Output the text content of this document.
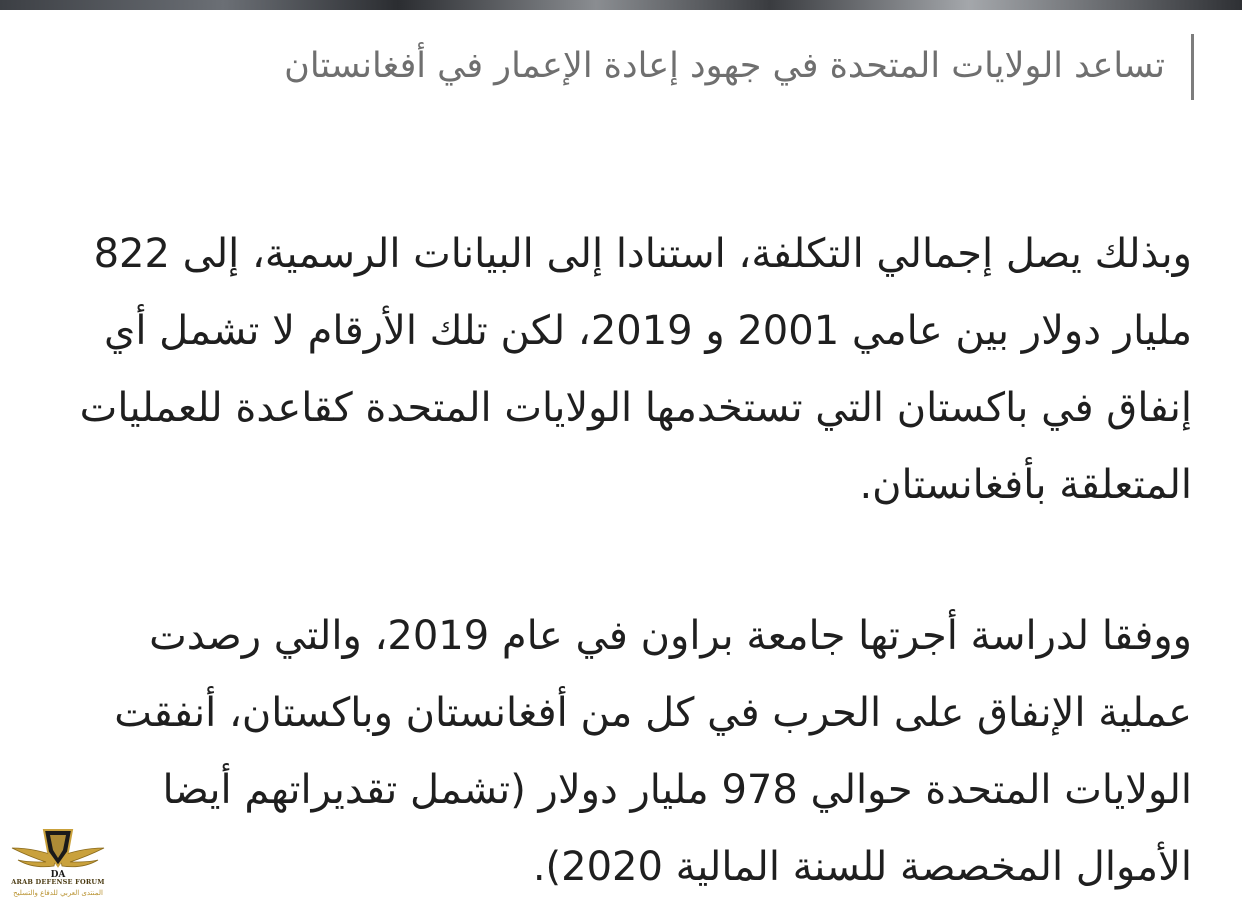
تساعد الولايات المتحدة في جهود إعادة الإعمار في أفغانستان

وبذلك يصل إجمالي التكلفة، استنادا إلى البيانات الرسمية، إلى 822 مليار دولار بين عامي 2001 و 2019، لكن تلك الأرقام لا تشمل أي إنفاق في باكستان التي تستخدمها الولايات المتحدة كقاعدة للعمليات المتعلقة بأفغانستان.

ووفقا لدراسة أجرتها جامعة براون في عام 2019، والتي رصدت عملية الإنفاق على الحرب في كل من أفغانستان وباكستان، أنفقت الولايات المتحدة حوالي 978 مليار دولار (تشمل تقديراتهم أيضا الأموال المخصصة للسنة المالية 2020).

DA
ARAB DEFENSE FORUM
المنتدى العربي للدفاع والتسليح
